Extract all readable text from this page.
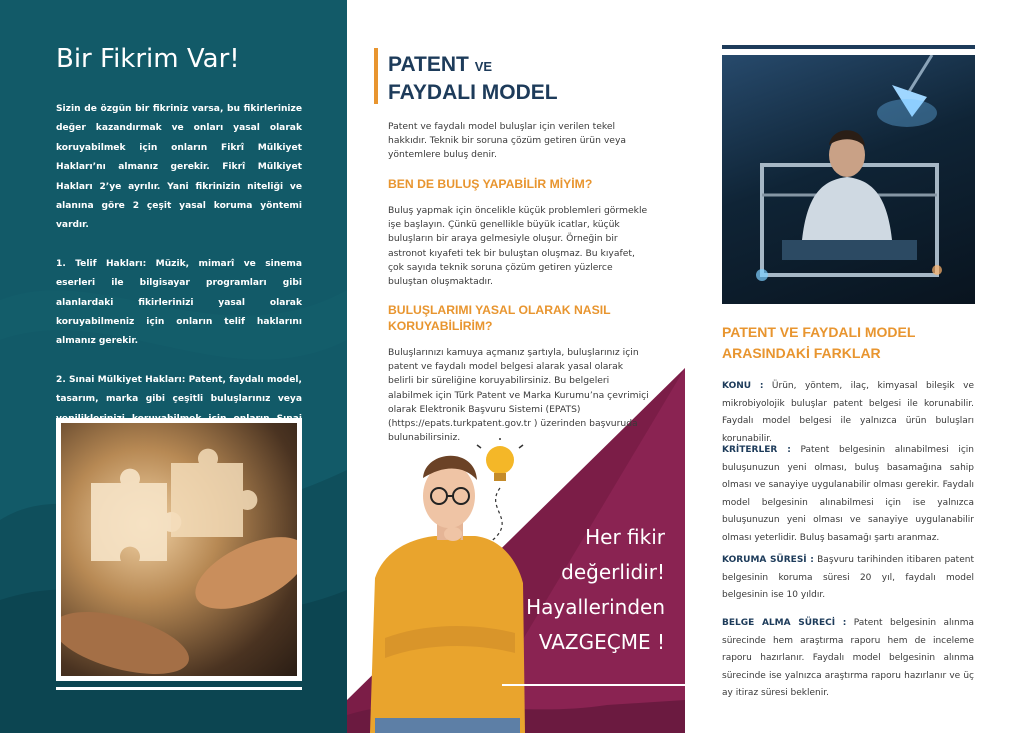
Bir Fikrim Var!

Sizin de özgün bir fikriniz varsa, bu fikirlerinize değer kazandırmak ve onları yasal olarak koruyabilmek için onların Fikrî Mülkiyet Hakları’nı almanız gerekir. Fikrî Mülkiyet Hakları 2’ye ayrılır. Yani fikrinizin niteliği ve alanına göre 2 çeşit yasal koruma yöntemi vardır.

1. Telif Hakları: Müzik, mimarî ve sinema eserleri ile bilgisayar programları gibi alanlardaki fikirlerinizi yasal olarak koruyabilmeniz için onların telif haklarını almanız gerekir.

2. Sınai Mülkiyet Hakları: Patent, faydalı model, tasarım, marka gibi çeşitli buluşlarınız veya

PATENT VE
FAYDALI MODEL
Patent ve faydalı model buluşlar için verilen tekel hakkıdır. Teknik bir soruna çözüm getiren ürün veya yöntemlere buluş denir.
BEN DE BULUŞ YAPABİLİR MİYİM?
Buluş yapmak için öncelikle küçük problemleri görmekle işe başlayın. Çünkü genellikle büyük icatlar, küçük buluşların bir araya gelmesiyle oluşur. Örneğin bir astronot kıyafeti tek bir buluştan oluşmaz. Bu kıyafet, çok sayıda teknik soruna çözüm getiren yüzlerce buluştan oluşmaktadır.
BULUŞLARIMI YASAL OLARAK NASIL KORUYABİLİRİM?
Buluşlarınızı kamuya açmanız şartıyla, buluşlarınız için patent ve faydalı model belgesi alarak yasal olarak belirli bir süreliğine koruyabilirsiniz. Bu belgeleri alabilmek için Türk Patent ve Marka Kurumu’na çevrimiçi olarak Elektronik Başvuru Sistemi (EPATS) (https://epats.turkpatent.gov.tr ) üzerinden başvuruda bulunabilirsiniz.
Her fikir
değerlidir!
Hayallerinden
VAZGEÇME !
PATENT VE FAYDALI MODEL
ARASINDAKİ FARKLAR
KONU : Ürün, yöntem, ilaç, kimyasal bileşik ve mikrobiyolojik buluşlar patent belgesi ile korunabilir. Faydalı model belgesi ile yalnızca ürün buluşları korunabilir.
KRİTERLER : Patent belgesinin alınabilmesi için buluşunuzun yeni olması, buluş basamağına sahip olması ve sanayiye uygulanabilir olması gerekir. Faydalı model belgesinin alınabilmesi için ise yalnızca buluşunuzun yeni olması ve sanayiye uygulanabilir olması yeterlidir. Buluş basamağı şartı aranmaz.
KORUMA SÜRESİ : Başvuru tarihinden itibaren patent belgesinin koruma süresi 20 yıl, faydalı model belgesinin ise 10 yıldır.
BELGE ALMA SÜRECİ : Patent belgesinin alınma sürecinde hem araştırma raporu hem de inceleme raporu hazırlanır. Faydalı model belgesinin alınma sürecinde ise yalnızca araştırma raporu hazırlanır ve üç ay itiraz süresi beklenir.
